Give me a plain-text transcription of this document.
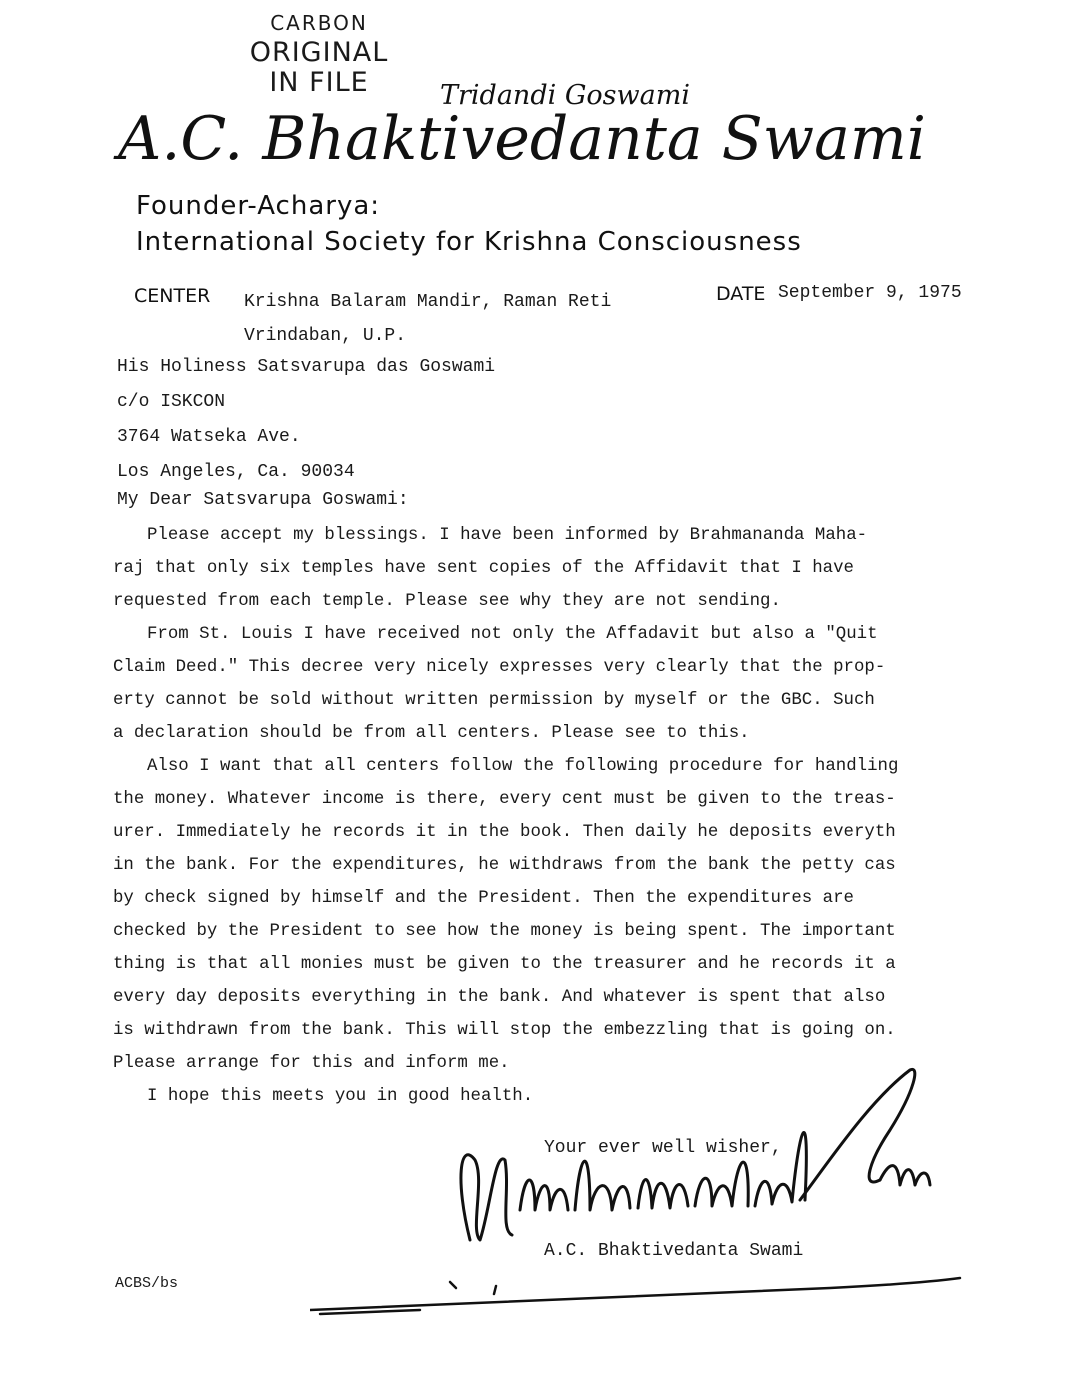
CARBON
ORIGINAL
IN FILE	Tridandi Goswami
A.C. Bhaktivedanta Swami
Founder-Acharya:
International Society for Krishna Consciousness
CENTER Krishna Balaram Mandir, Raman Reti
Vrindaban, U.P.
DATE September 9, 1975
His Holiness Satsvarupa das Goswami
c/o ISKCON
3764 Watseka Ave.
Los Angeles, Ca. 90034
My Dear Satsvarupa Goswami:
Please accept my blessings. I have been informed by Brahmananda Maha-
raj that only six temples have sent copies of the Affidavit that I have
requested from each temple. Please see why they are not sending.
From St. Louis I have received not only the Affadavit but also a "Quit
Claim Deed." This decree very nicely expresses very clearly that the prop-
erty cannot be sold without written permission by myself or the GBC. Such
a declaration should be from all centers. Please see to this.
Also I want that all centers follow the following procedure for handling
the money. Whatever income is there, every cent must be given to the treas-
urer. Immediately he records it in the book. Then daily he deposits everyth
in the bank. For the expenditures, he withdraws from the bank the petty cas
by check signed by himself and the President. Then the expenditures are
checked by the President to see how the money is being spent. The important
thing is that all monies must be given to the treasurer and he records it a
every day deposits everything in the bank. And whatever is spent that also
is withdrawn from the bank. This will stop the embezzling that is going on.
Please arrange for this and inform me.
I hope this meets you in good health.
Your ever well wisher,
A.C. Bhaktivedanta Swami
ACBS/bs
